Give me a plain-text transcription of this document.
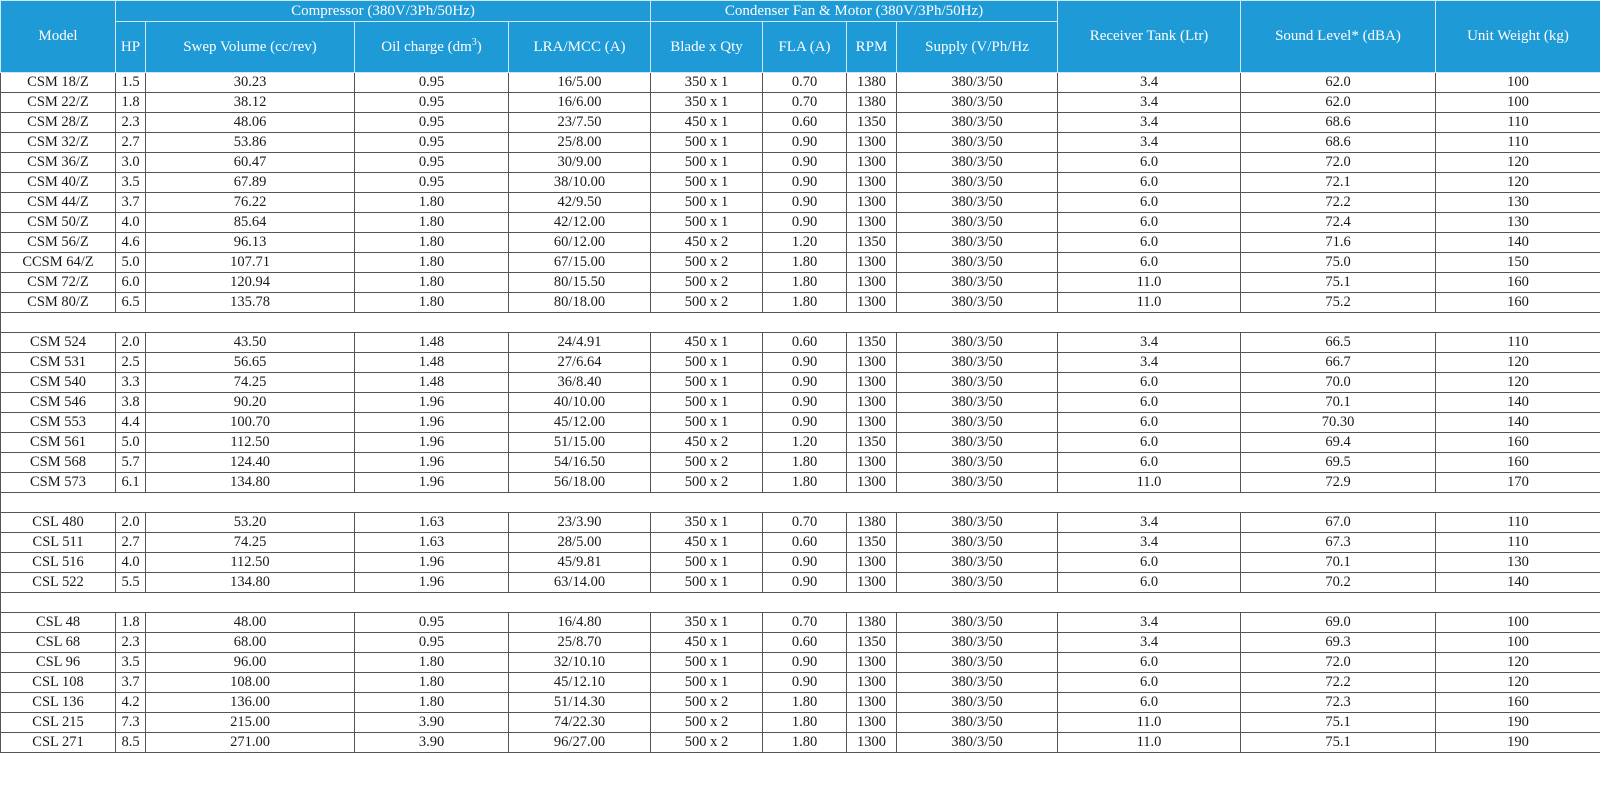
Model	Compressor (380V/3Ph/50Hz)				Condenser Fan & Motor (380V/3Ph/50Hz)				Receiver Tank (Ltr)	Sound Level* (dBA)	Unit Weight (kg)
	HP	Swep Volume (cc/rev)	Oil charge $(dm^3)$	LRA/MCC (A)	Blade x Qty	FLA (A)	RPM	Supply (V/Ph/Hz			
CSM 18/Z	1.5	30.23	0.95	16/5.00	350 x 1	0.70	1380	380/3/50	3.4	62.0	100
CSM 22/Z	1.8	38.12	0.95	16/6.00	350 x 1	0.70	1380	380/3/50	3.4	62.0	100
CSM 28/Z	2.3	48.06	0.95	23/7.50	450 x 1	0.60	1350	380/3/50	3.4	68.6	110
CSM 32/Z	2.7	53.86	0.95	25/8.00	500 x 1	0.90	1300	380/3/50	3.4	68.6	110
CSM 36/Z	3.0	60.47	0.95	30/9.00	500 x 1	0.90	1300	380/3/50	6.0	72.0	120
CSM 40/Z	3.5	67.89	0.95	38/10.00	500 x 1	0.90	1300	380/3/50	6.0	72.1	120
CSM 44/Z	3.7	76.22	1.80	42/9.50	500 x 1	0.90	1300	380/3/50	6.0	72.2	130
CSM 50/Z	4.0	85.64	1.80	42/12.00	500 x 1	0.90	1300	380/3/50	6.0	72.4	130
CSM 56/Z	4.6	96.13	1.80	60/12.00	450 x 2	1.20	1350	380/3/50	6.0	71.6	140
CCSM 64/Z	5.0	107.71	1.80	67/15.00	500 x 2	1.80	1300	380/3/50	6.0	75.0	150
CSM 72/Z	6.0	120.94	1.80	80/15.50	500 x 2	1.80	1300	380/3/50	11.0	75.1	160
CSM 80/Z	6.5	135.78	1.80	80/18.00	500 x 2	1.80	1300	380/3/50	11.0	75.2	160

CSM 524	2.0	43.50	1.48	24/4.91	450 x 1	0.60	1350	380/3/50	3.4	66.5	110
CSM 531	2.5	56.65	1.48	27/6.64	500 x 1	0.90	1300	380/3/50	3.4	66.7	120
CSM 540	3.3	74.25	1.48	36/8.40	500 x 1	0.90	1300	380/3/50	6.0	70.0	120
CSM 546	3.8	90.20	1.96	40/10.00	500 x 1	0.90	1300	380/3/50	6.0	70.1	140
CSM 553	4.4	100.70	1.96	45/12.00	500 x 1	0.90	1300	380/3/50	6.0	70.30	140
CSM 561	5.0	112.50	1.96	51/15.00	450 x 2	1.20	1350	380/3/50	6.0	69.4	160
CSM 568	5.7	124.40	1.96	54/16.50	500 x 2	1.80	1300	380/3/50	6.0	69.5	160
CSM 573	6.1	134.80	1.96	56/18.00	500 x 2	1.80	1300	380/3/50	11.0	72.9	170

CSL 480	2.0	53.20	1.63	23/3.90	350 x 1	0.70	1380	380/3/50	3.4	67.0	110
CSL 511	2.7	74.25	1.63	28/5.00	450 x 1	0.60	1350	380/3/50	3.4	67.3	110
CSL 516	4.0	112.50	1.96	45/9.81	500 x 1	0.90	1300	380/3/50	6.0	70.1	130
CSL 522	5.5	134.80	1.96	63/14.00	500 x 1	0.90	1300	380/3/50	6.0	70.2	140

CSL 48	1.8	48.00	0.95	16/4.80	350 x 1	0.70	1380	380/3/50	3.4	69.0	100
CSL 68	2.3	68.00	0.95	25/8.70	450 x 1	0.60	1350	380/3/50	3.4	69.3	100
CSL 96	3.5	96.00	1.80	32/10.10	500 x 1	0.90	1300	380/3/50	6.0	72.0	120
CSL 108	3.7	108.00	1.80	45/12.10	500 x 1	0.90	1300	380/3/50	6.0	72.2	120
CSL 136	4.2	136.00	1.80	51/14.30	500 x 2	1.80	1300	380/3/50	6.0	72.3	160
CSL 215	7.3	215.00	3.90	74/22.30	500 x 2	1.80	1300	380/3/50	11.0	75.1	190
CSL 271	8.5	271.00	3.90	96/27.00	500 x 2	1.80	1300	380/3/50	11.0	75.1	190
